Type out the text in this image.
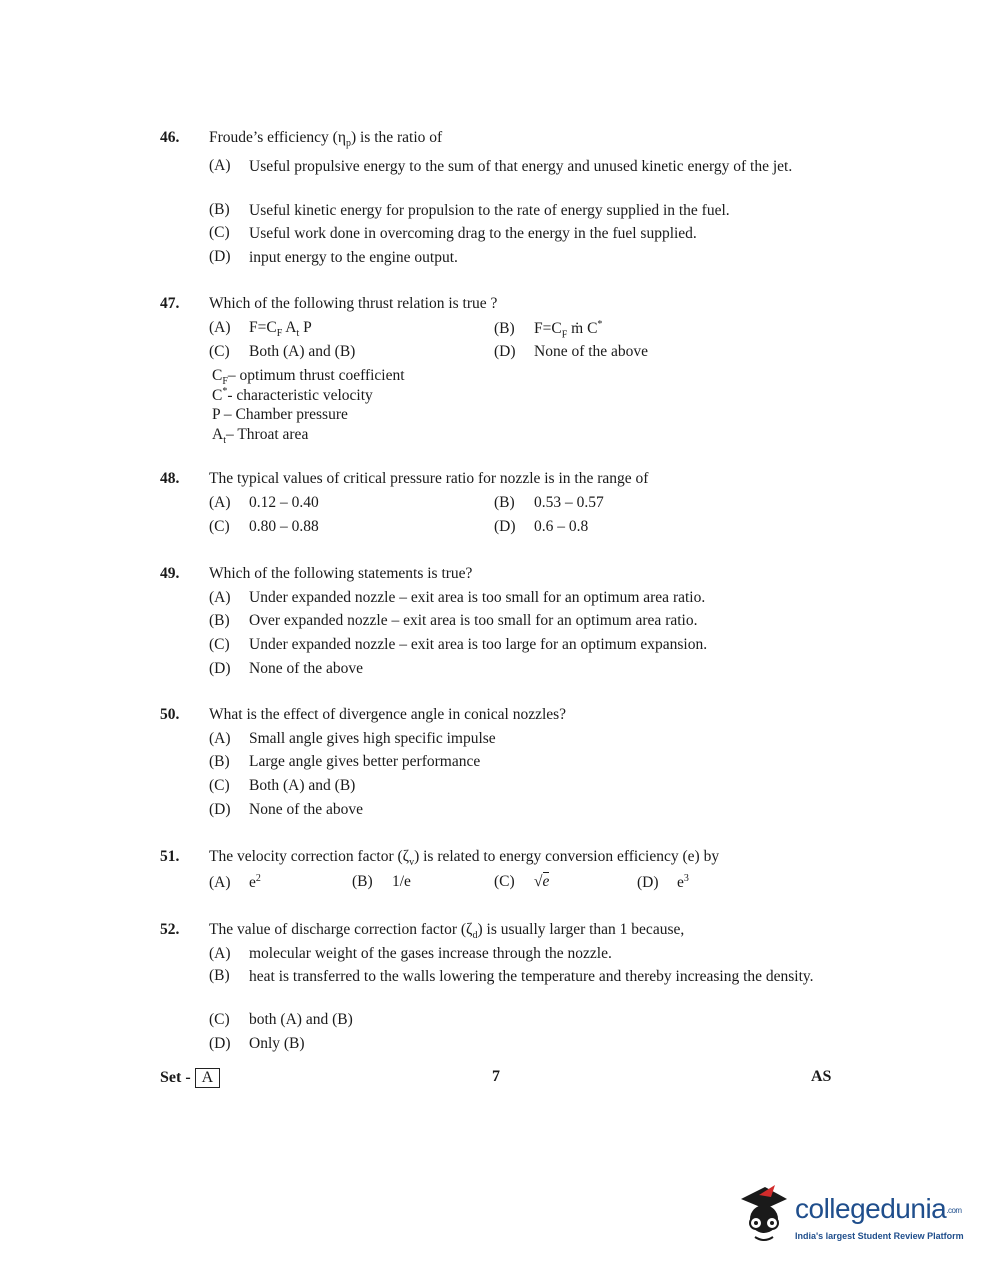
46. Froude’s efficiency $(\eta_p)$ is the ratio of
(A) Useful propulsive energy to the sum of that energy and unused kinetic energy of the jet.
(B) Useful kinetic energy for propulsion to the rate of energy supplied in the fuel.
(C) Useful work done in overcoming drag to the energy in the fuel supplied.
(D) input energy to the engine output.
47. Which of the following thrust relation is true ?
(A) $F=C_F$ $A_t$ P	(B) $F=C_F$ ṁ C*
(C) Both (A) and (B)	(D) None of the above
$C_F-$ optimum thrust coefficient
C*- characteristic velocity
P – Chamber pressure
$A_t-$ Throat area
48. The typical values of critical pressure ratio for nozzle is in the range of
(A) 0.12 – 0.40	(B) 0.53 – 0.57
(C) 0.80 – 0.88	(D) 0.6 – 0.8
49. Which of the following statements is true?
(A) Under expanded nozzle – exit area is too small for an optimum area ratio.
(B) Over expanded nozzle – exit area is too small for an optimum area ratio.
(C) Under expanded nozzle – exit area is too large for an optimum expansion.
(D) None of the above
50. What is the effect of divergence angle in conical nozzles?
(A) Small angle gives high specific impulse
(B) Large angle gives better performance
(C) Both (A) and (B)
(D) None of the above
51. The velocity correction factor $(\zeta_v)$ is related to energy conversion efficiency (e) by
(A) $e^2$	(B) 1/e	(C) √e	(D) $e^3$
52. The value of discharge correction factor $(\zeta_d)$ is usually larger than 1 because,
(A) molecular weight of the gases increase through the nozzle.
(B) heat is transferred to the walls lowering the temperature and thereby increasing the density.
(C) both (A) and (B)
(D) Only (B)
Set - A	7	AS
collegedunia.com
India's largest Student Review Platform
